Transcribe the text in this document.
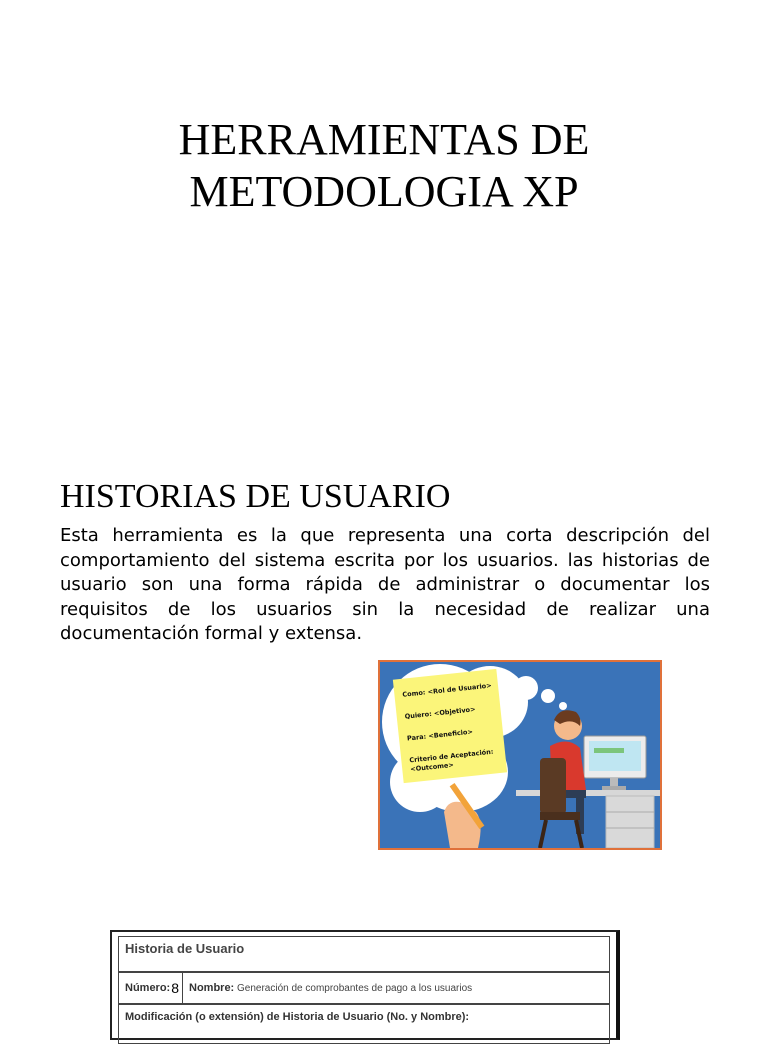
HERRAMIENTAS DE
METODOLOGIA XP
HISTORIAS DE USUARIO

Esta herramienta es la que representa una corta descripción del comportamiento del sistema escrita por los usuarios. las historias de usuario son una forma rápida de administrar o documentar los requisitos de los usuarios sin la necesidad de realizar una documentación formal y extensa.

Como: <Rol de Usuario>
Quiero: <Objetivo>
Para: <Beneficio>
Criterio de Aceptación:
<Outcome>
Historia de Usuario
Número: 8 Nombre: Generación de comprobantes de pago a los usuarios
Modificación (o extensión) de Historia de Usuario (No. y Nombre):
